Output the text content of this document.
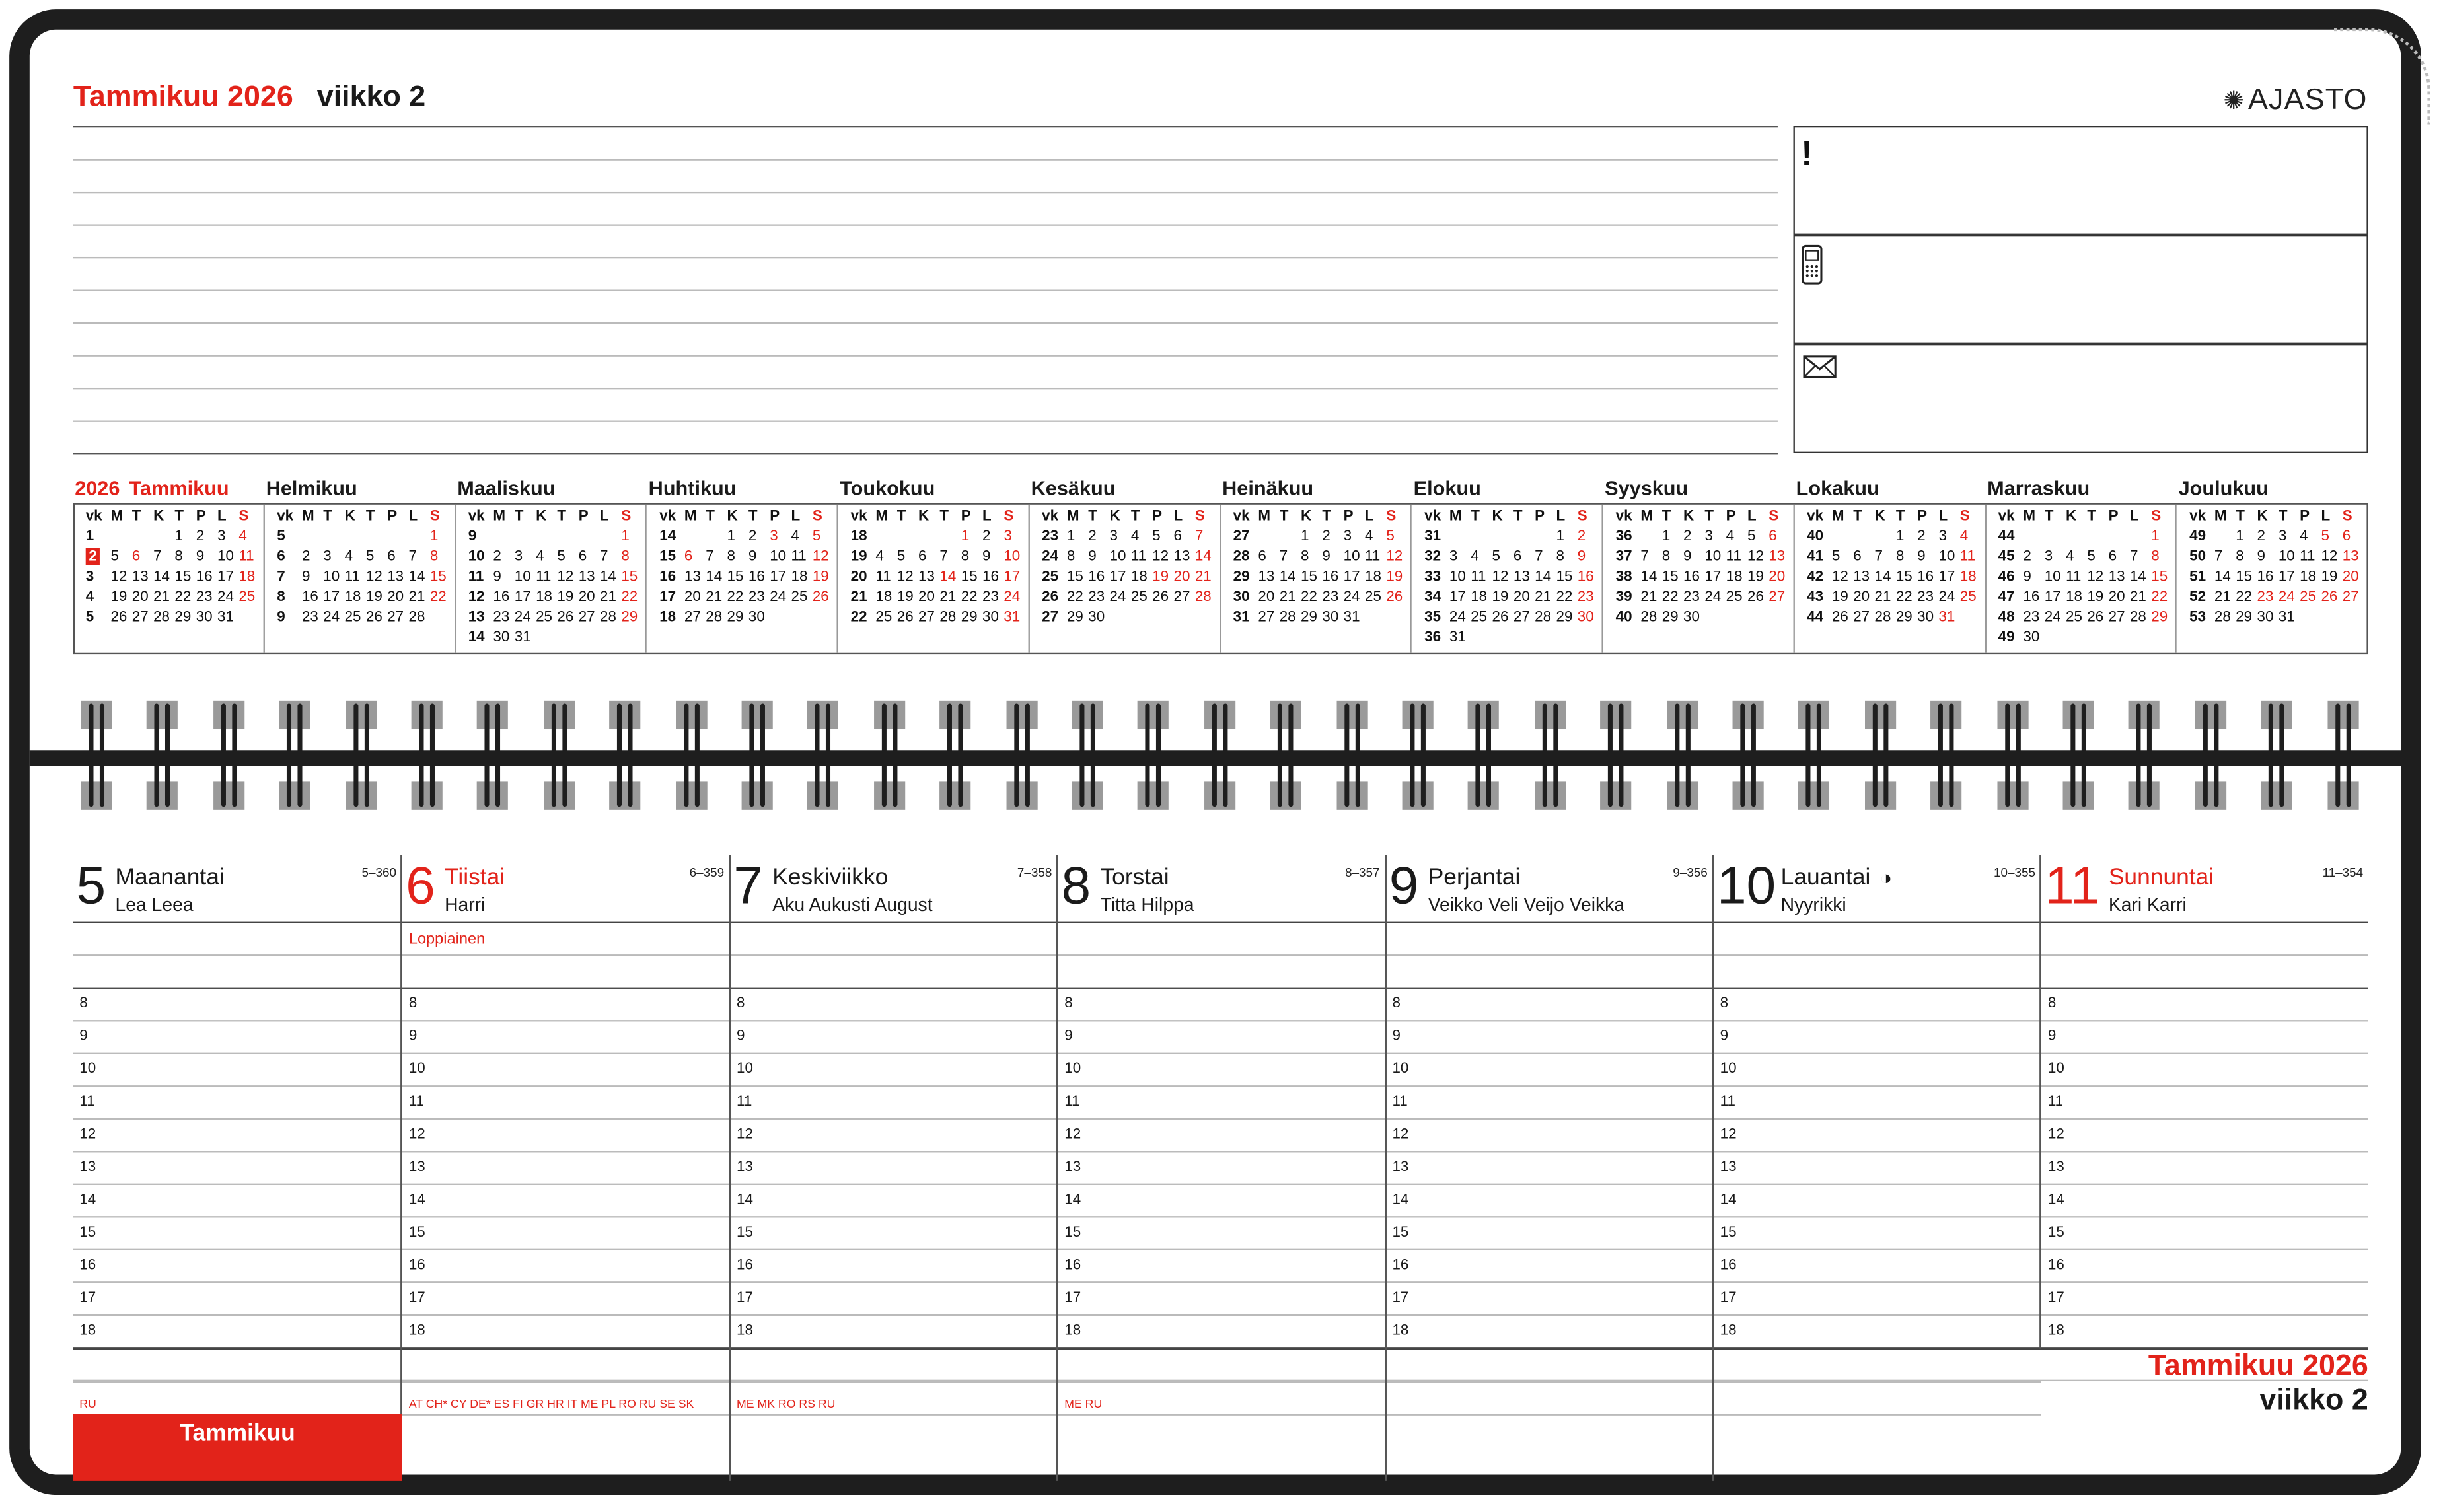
Tammikuu 2026 viikko 2	✺ AJASTO
!
2026 Tammikuu
vk	M	T	K	T	P	L	S
1				1	2	3	4
2	5	6	7	8	9	10	11
3	12	13	14	15	16	17	18
4	19	20	21	22	23	24	25
5	26	27	28	29	30	31	
Helmikuu
vk	M	T	K	T	P	L	S
5							1
6	2	3	4	5	6	7	8
7	9	10	11	12	13	14	15
8	16	17	18	19	20	21	22
9	23	24	25	26	27	28	
Maaliskuu
vk	M	T	K	T	P	L	S
9							1
10	2	3	4	5	6	7	8
11	9	10	11	12	13	14	15
12	16	17	18	19	20	21	22
13	23	24	25	26	27	28	29
14	30	31					
Huhtikuu
vk	M	T	K	T	P	L	S
14			1	2	3	4	5
15	6	7	8	9	10	11	12
16	13	14	15	16	17	18	19
17	20	21	22	23	24	25	26
18	27	28	29	30			
Toukokuu
vk	M	T	K	T	P	L	S
18					1	2	3
19	4	5	6	7	8	9	10
20	11	12	13	14	15	16	17
21	18	19	20	21	22	23	24
22	25	26	27	28	29	30	31
Kesäkuu
vk	M	T	K	T	P	L	S
23	1	2	3	4	5	6	7
24	8	9	10	11	12	13	14
25	15	16	17	18	19	20	21
26	22	23	24	25	26	27	28
27	29	30					
Heinäkuu
vk	M	T	K	T	P	L	S
27			1	2	3	4	5
28	6	7	8	9	10	11	12
29	13	14	15	16	17	18	19
30	20	21	22	23	24	25	26
31	27	28	29	30	31		
Elokuu
vk	M	T	K	T	P	L	S
31						1	2
32	3	4	5	6	7	8	9
33	10	11	12	13	14	15	16
34	17	18	19	20	21	22	23
35	24	25	26	27	28	29	30
36	31						
Syyskuu
vk	M	T	K	T	P	L	S
36		1	2	3	4	5	6
37	7	8	9	10	11	12	13
38	14	15	16	17	18	19	20
39	21	22	23	24	25	26	27
40	28	29	30				
Lokakuu
vk	M	T	K	T	P	L	S
40				1	2	3	4
41	5	6	7	8	9	10	11
42	12	13	14	15	16	17	18
43	19	20	21	22	23	24	25
44	26	27	28	29	30	31	
Marraskuu
vk	M	T	K	T	P	L	S
44							1
45	2	3	4	5	6	7	8
46	9	10	11	12	13	14	15
47	16	17	18	19	20	21	22
48	23	24	25	26	27	28	29
49	30						
Joulukuu
vk	M	T	K	T	P	L	S
49		1	2	3	4	5	6
50	7	8	9	10	11	12	13
51	14	15	16	17	18	19	20
52	21	22	23	24	25	26	27
53	28	29	30	31			
5 Maanantai
Lea Leea
5–360
RU
8
9
10
11
12
13
14
15
16
17
18
6 Tiistai
Harri
6–359
Loppiainen
AT CH* CY DE* ES FI GR HR IT ME PL RO RU SE SK
8
9
10
11
12
13
14
15
16
17
18
7 Keskiviikko
Aku Aukusti August
7–358
ME MK RO RS RU
8
9
10
11
12
13
14
15
16
17
18
8 Torstai
Titta Hilppa
8–357
ME RU
8
9
10
11
12
13
14
15
16
17
18
9 Perjantai
Veikko Veli Veijo Veikka
9–356
8
9
10
11
12
13
14
15
16
17
18
10 Lauantai ◑
Nyyrikki
10–355
8
9
10
11
12
13
14
15
16
17
18
11 Sunnuntai
Kari Karri
11–354
8
9
10
11
12
13
14
15
16
17
18
Tammikuu
Tammikuu 2026
viikko 2
